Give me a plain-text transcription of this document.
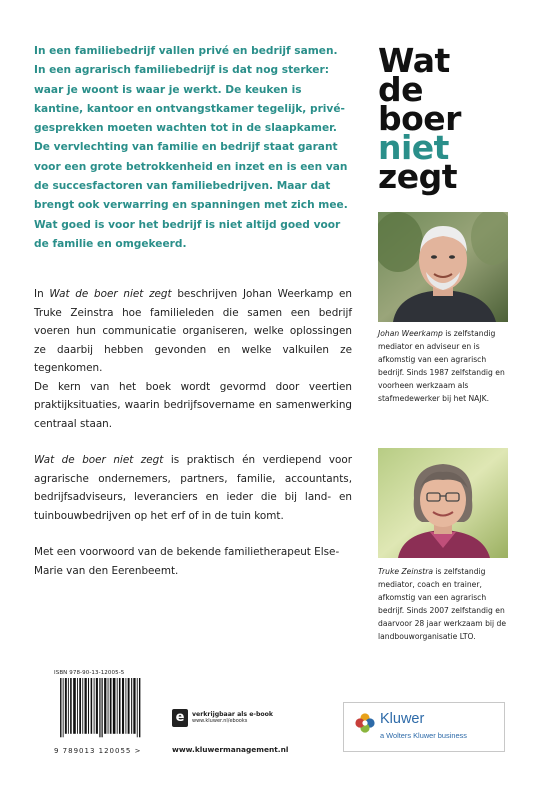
In een familiebedrijf vallen privé en bedrijf samen. In een agrarisch familiebedrijf is dat nog sterker: waar je woont is waar je werkt. De keuken is kantine, kantoor en ontvangstkamer tegelijk, privé-gesprekken moeten wachten tot in de slaapkamer. De vervlechting van familie en bedrijf staat garant voor een grote betrokkenheid en inzet en is een van de succesfactoren van familiebedrijven. Maar dat brengt ook verwarring en spanningen met zich mee. Wat goed is voor het bedrijf is niet altijd goed voor de familie en omgekeerd.

In Wat de boer niet zegt beschrijven Johan Weerkamp en Truke Zeinstra hoe familieleden die samen een bedrijf voeren hun communicatie organiseren, welke oplossingen ze daarbij hebben gevonden en welke valkuilen ze tegenkomen.

De kern van het boek wordt gevormd door veertien praktijksituaties, waarin bedrijfsovername en samenwerking centraal staan.

Wat de boer niet zegt is praktisch én verdiepend voor agrarische ondernemers, partners, familie, accountants, bedrijfsadviseurs, leveranciers en ieder die bij land- en tuinbouwbedrijven op het erf of in de tuin komt.

Met een voorwoord van de bekende familietherapeut Else-Marie van den Eerenbeemt.

Wat
de
boer
niet
zegt
Johan Weerkamp is zelfstandig mediator en adviseur en is afkomstig van een agrarisch bedrijf. Sinds 1987 zelfstandig en voorheen werkzaam als stafmedewerker bij het NAJK.
Truke Zeinstra is zelfstandig mediator, coach en trainer, afkomstig van een agrarisch bedrijf. Sinds 2007 zelfstandig en daarvoor 28 jaar werkzaam bij de landbouworganisatie LTO.
ISBN 978-90-13-12005-5
9 789013 120055 >
e	verkrijgbaar als e-book
www.kluwer.nl/ebooks
www.kluwermanagement.nl
Kluwer
a Wolters Kluwer business
